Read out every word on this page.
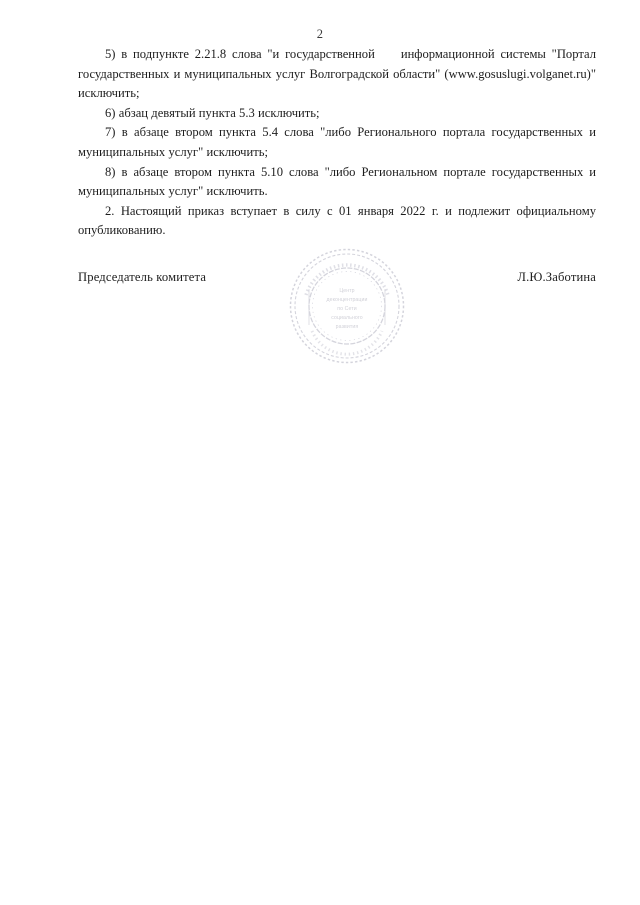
2

5) в подпункте 2.21.8 слова "и государственной информационной системы "Портал государственных и муниципальных услуг Волгоградской области" (www.gosuslugi.volganet.ru)" исключить;

6) абзац девятый пункта 5.3 исключить;

7) в абзаце втором пункта 5.4 слова "либо Регионального портала государственных и муниципальных услуг" исключить;

8) в абзаце втором пункта 5.10 слова "либо Региональном портале государственных и муниципальных услуг" исключить.

2. Настоящий приказ вступает в силу с 01 января 2022 г. и подлежит официальному опубликованию.

Председатель комитета	Л.Ю.Заботина
Центр
деконцентрации
по Сети
социального
развития
